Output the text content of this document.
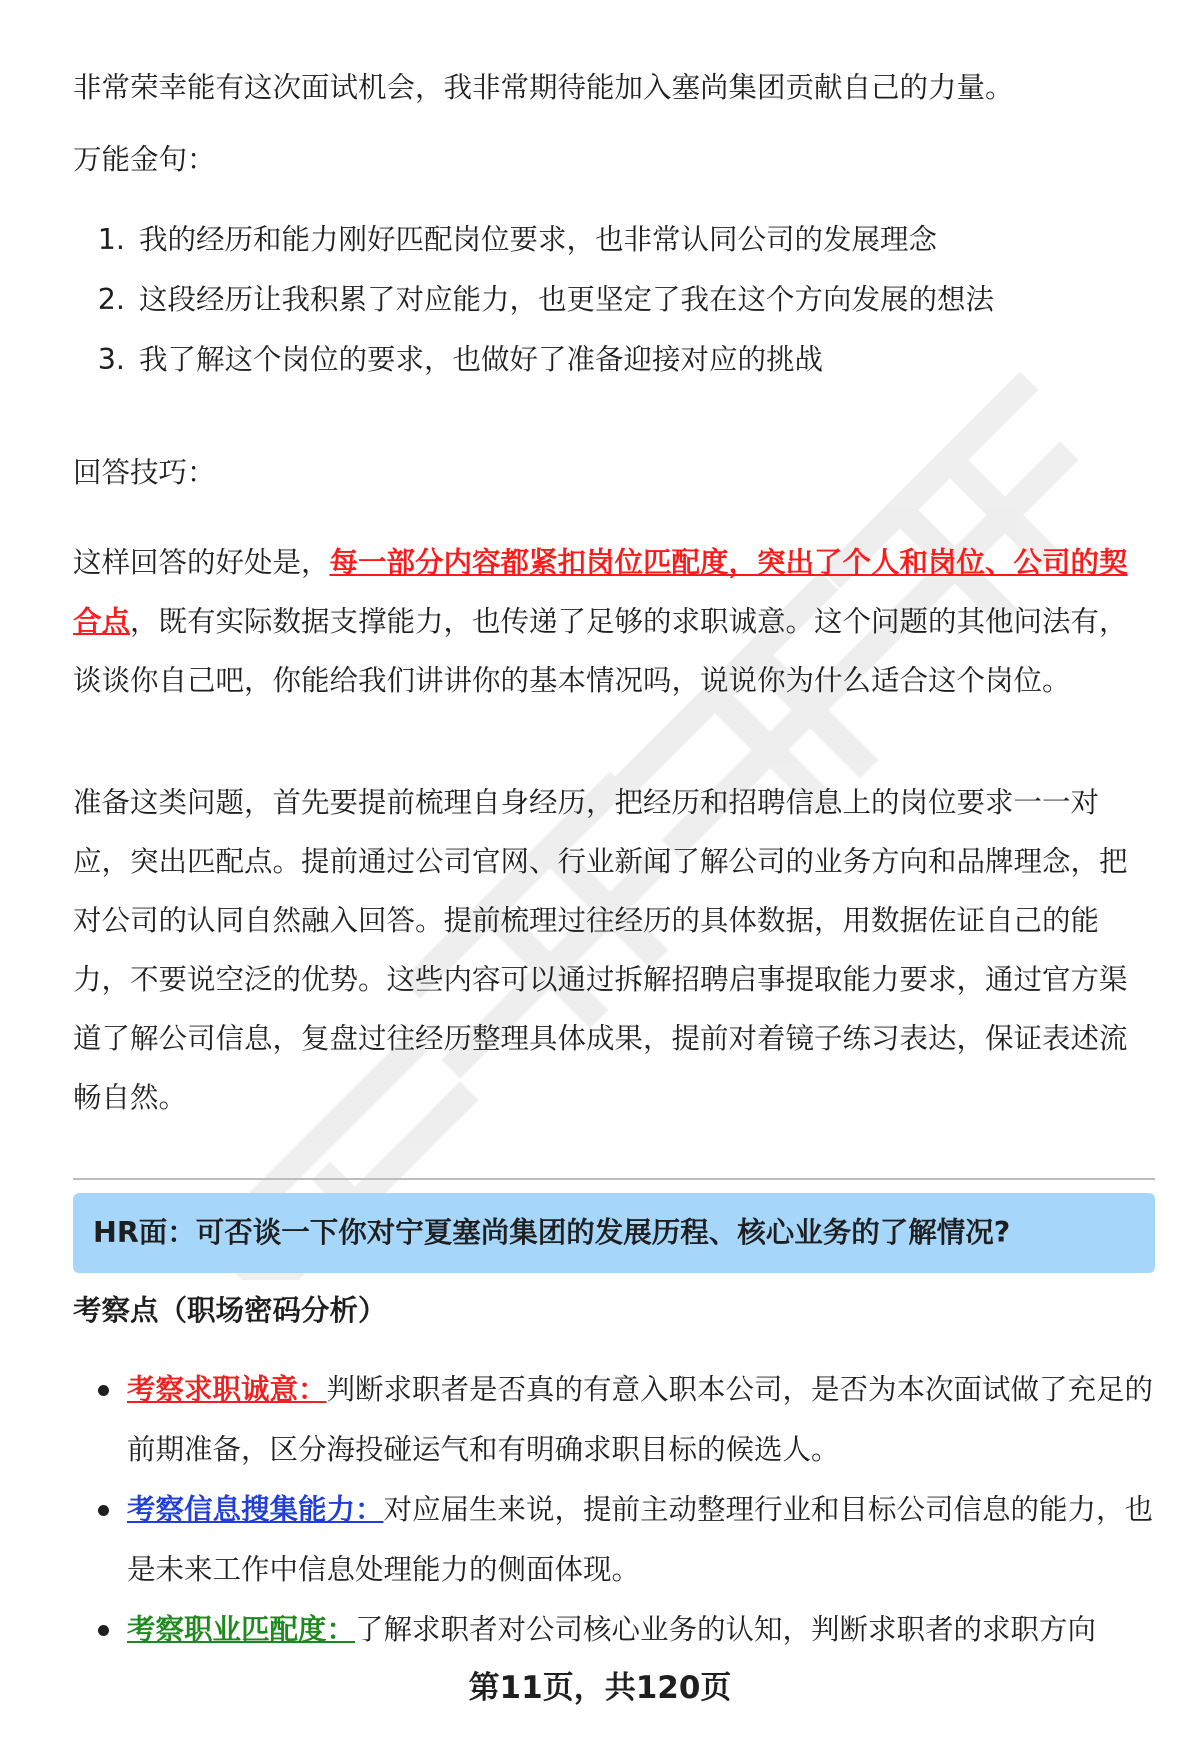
非常荣幸能有这次面试机会，我非常期待能加入塞尚集团贡献自己的力量。

万能金句：
1. 我的经历和能力刚好匹配岗位要求，也非常认同公司的发展理念
2. 这段经历让我积累了对应能力，也更坚定了我在这个方向发展的想法
3. 我了解这个岗位的要求，也做好了准备迎接对应的挑战
回答技巧：

这样回答的好处是，每一部分内容都紧扣岗位匹配度，突出了个人和岗位、公司的契合点，既有实际数据支撑能力，也传递了足够的求职诚意。这个问题的其他问法有，谈谈你自己吧，你能给我们讲讲你的基本情况吗，说说你为什么适合这个岗位。

准备这类问题，首先要提前梳理自身经历，把经历和招聘信息上的岗位要求一一对应，突出匹配点。提前通过公司官网、行业新闻了解公司的业务方向和品牌理念，把对公司的认同自然融入回答。提前梳理过往经历的具体数据，用数据佐证自己的能力，不要说空泛的优势。这些内容可以通过拆解招聘启事提取能力要求，通过官方渠道了解公司信息，复盘过往经历整理具体成果，提前对着镜子练习表达，保证表述流畅自然。

HR面：可否谈一下你对宁夏塞尚集团的发展历程、核心业务的了解情况?
考察点（职场密码分析）
考察求职诚意：判断求职者是否真的有意入职本公司，是否为本次面试做了充足的前期准备，区分海投碰运气和有明确求职目标的候选人。
考察信息搜集能力：对应届生来说，提前主动整理行业和目标公司信息的能力，也是未来工作中信息处理能力的侧面体现。
考察职业匹配度：了解求职者对公司核心业务的认知，判断求职者的求职方向
第11页，共120页
